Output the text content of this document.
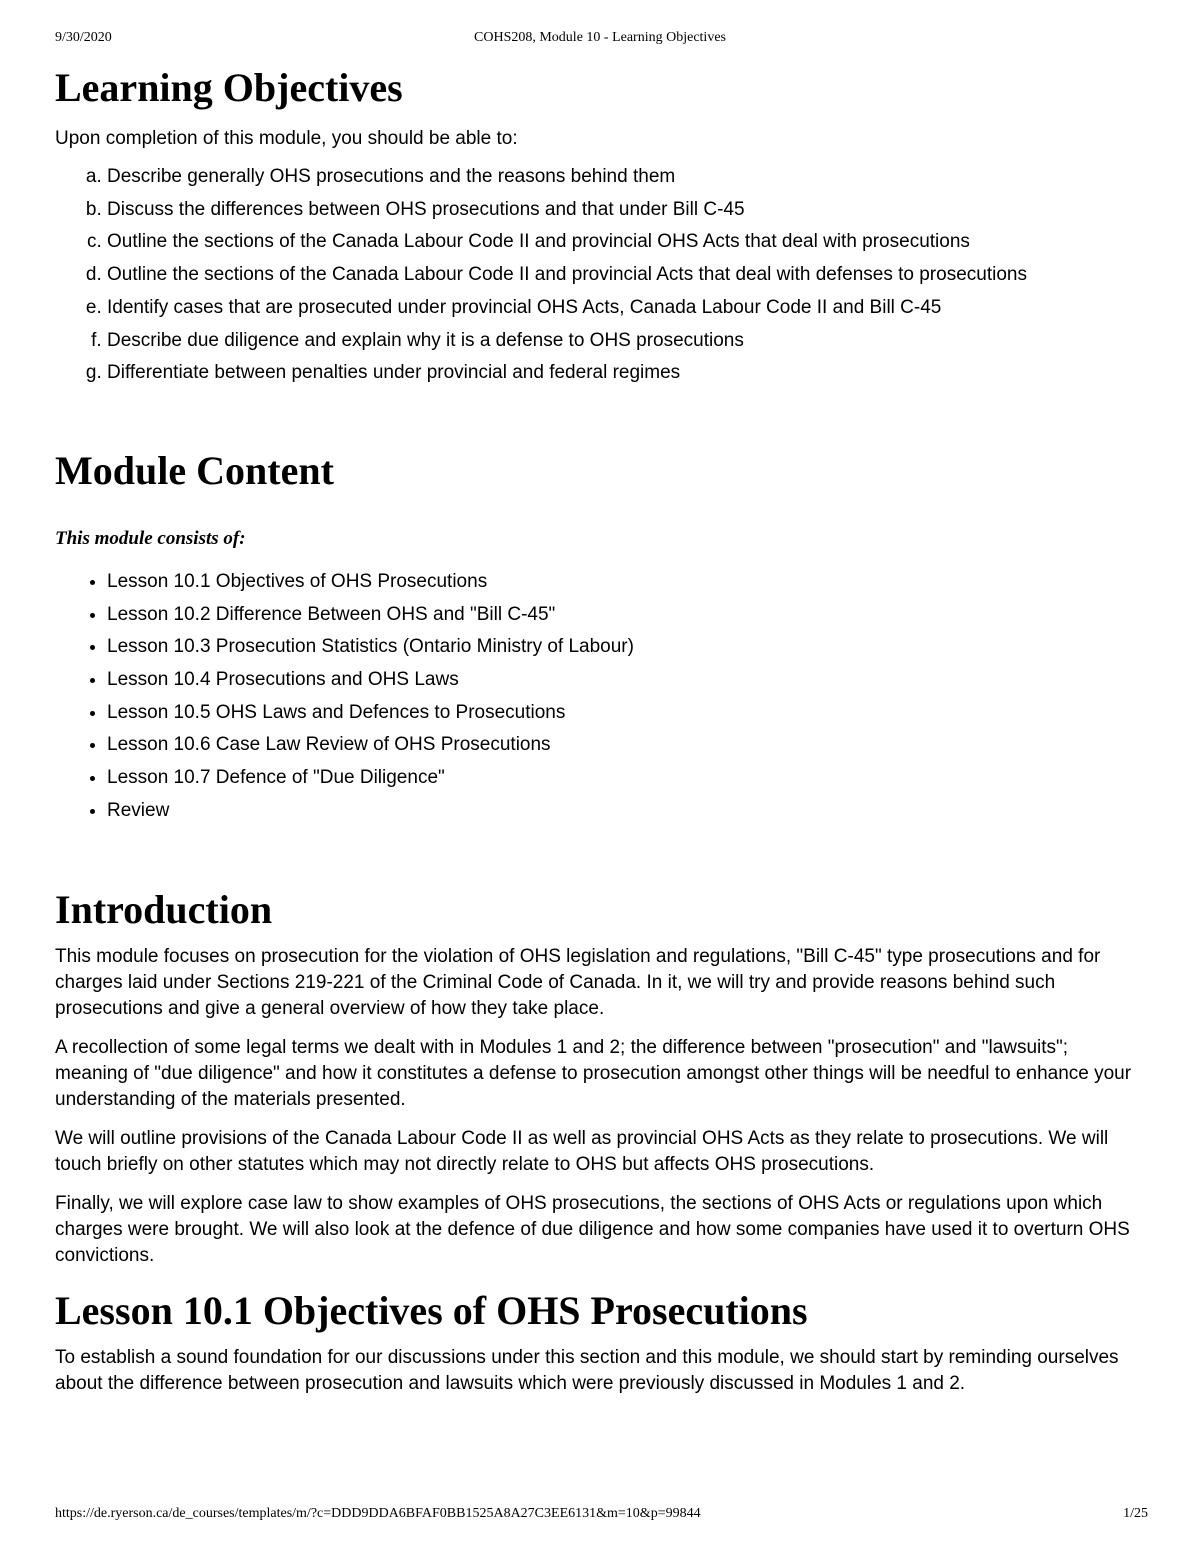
9/30/2020	COHS208, Module 10 - Learning Objectives
Learning Objectives

Upon completion of this module, you should be able to:

a. Describe generally OHS prosecutions and the reasons behind them
b. Discuss the differences between OHS prosecutions and that under Bill C-45
c. Outline the sections of the Canada Labour Code II and provincial OHS Acts that deal with prosecutions
d. Outline the sections of the Canada Labour Code II and provincial Acts that deal with defenses to prosecutions
e. Identify cases that are prosecuted under provincial OHS Acts, Canada Labour Code II and Bill C-45
f. Describe due diligence and explain why it is a defense to OHS prosecutions
g. Differentiate between penalties under provincial and federal regimes
Module Content
This module consists of:
• Lesson 10.1 Objectives of OHS Prosecutions
• Lesson 10.2 Difference Between OHS and "Bill C-45"
• Lesson 10.3 Prosecution Statistics (Ontario Ministry of Labour)
• Lesson 10.4 Prosecutions and OHS Laws
• Lesson 10.5 OHS Laws and Defences to Prosecutions
• Lesson 10.6 Case Law Review of OHS Prosecutions
• Lesson 10.7 Defence of "Due Diligence"
• Review
Introduction

This module focuses on prosecution for the violation of OHS legislation and regulations, "Bill C-45" type prosecutions and for charges laid under Sections 219-221 of the Criminal Code of Canada. In it, we will try and provide reasons behind such prosecutions and give a general overview of how they take place.

A recollection of some legal terms we dealt with in Modules 1 and 2; the difference between "prosecution" and "lawsuits"; meaning of "due diligence" and how it constitutes a defense to prosecution amongst other things will be needful to enhance your understanding of the materials presented.

We will outline provisions of the Canada Labour Code II as well as provincial OHS Acts as they relate to prosecutions. We will touch briefly on other statutes which may not directly relate to OHS but affects OHS prosecutions.

Finally, we will explore case law to show examples of OHS prosecutions, the sections of OHS Acts or regulations upon which charges were brought. We will also look at the defence of due diligence and how some companies have used it to overturn OHS convictions.

Lesson 10.1 Objectives of OHS Prosecutions

To establish a sound foundation for our discussions under this section and this module, we should start by reminding ourselves about the difference between prosecution and lawsuits which were previously discussed in Modules 1 and 2.

https://de.ryerson.ca/de_courses/templates/m/?c=DDD9DDA6BFAF0BB1525A8A27C3EE6131&m=10&p=99844	1/25
